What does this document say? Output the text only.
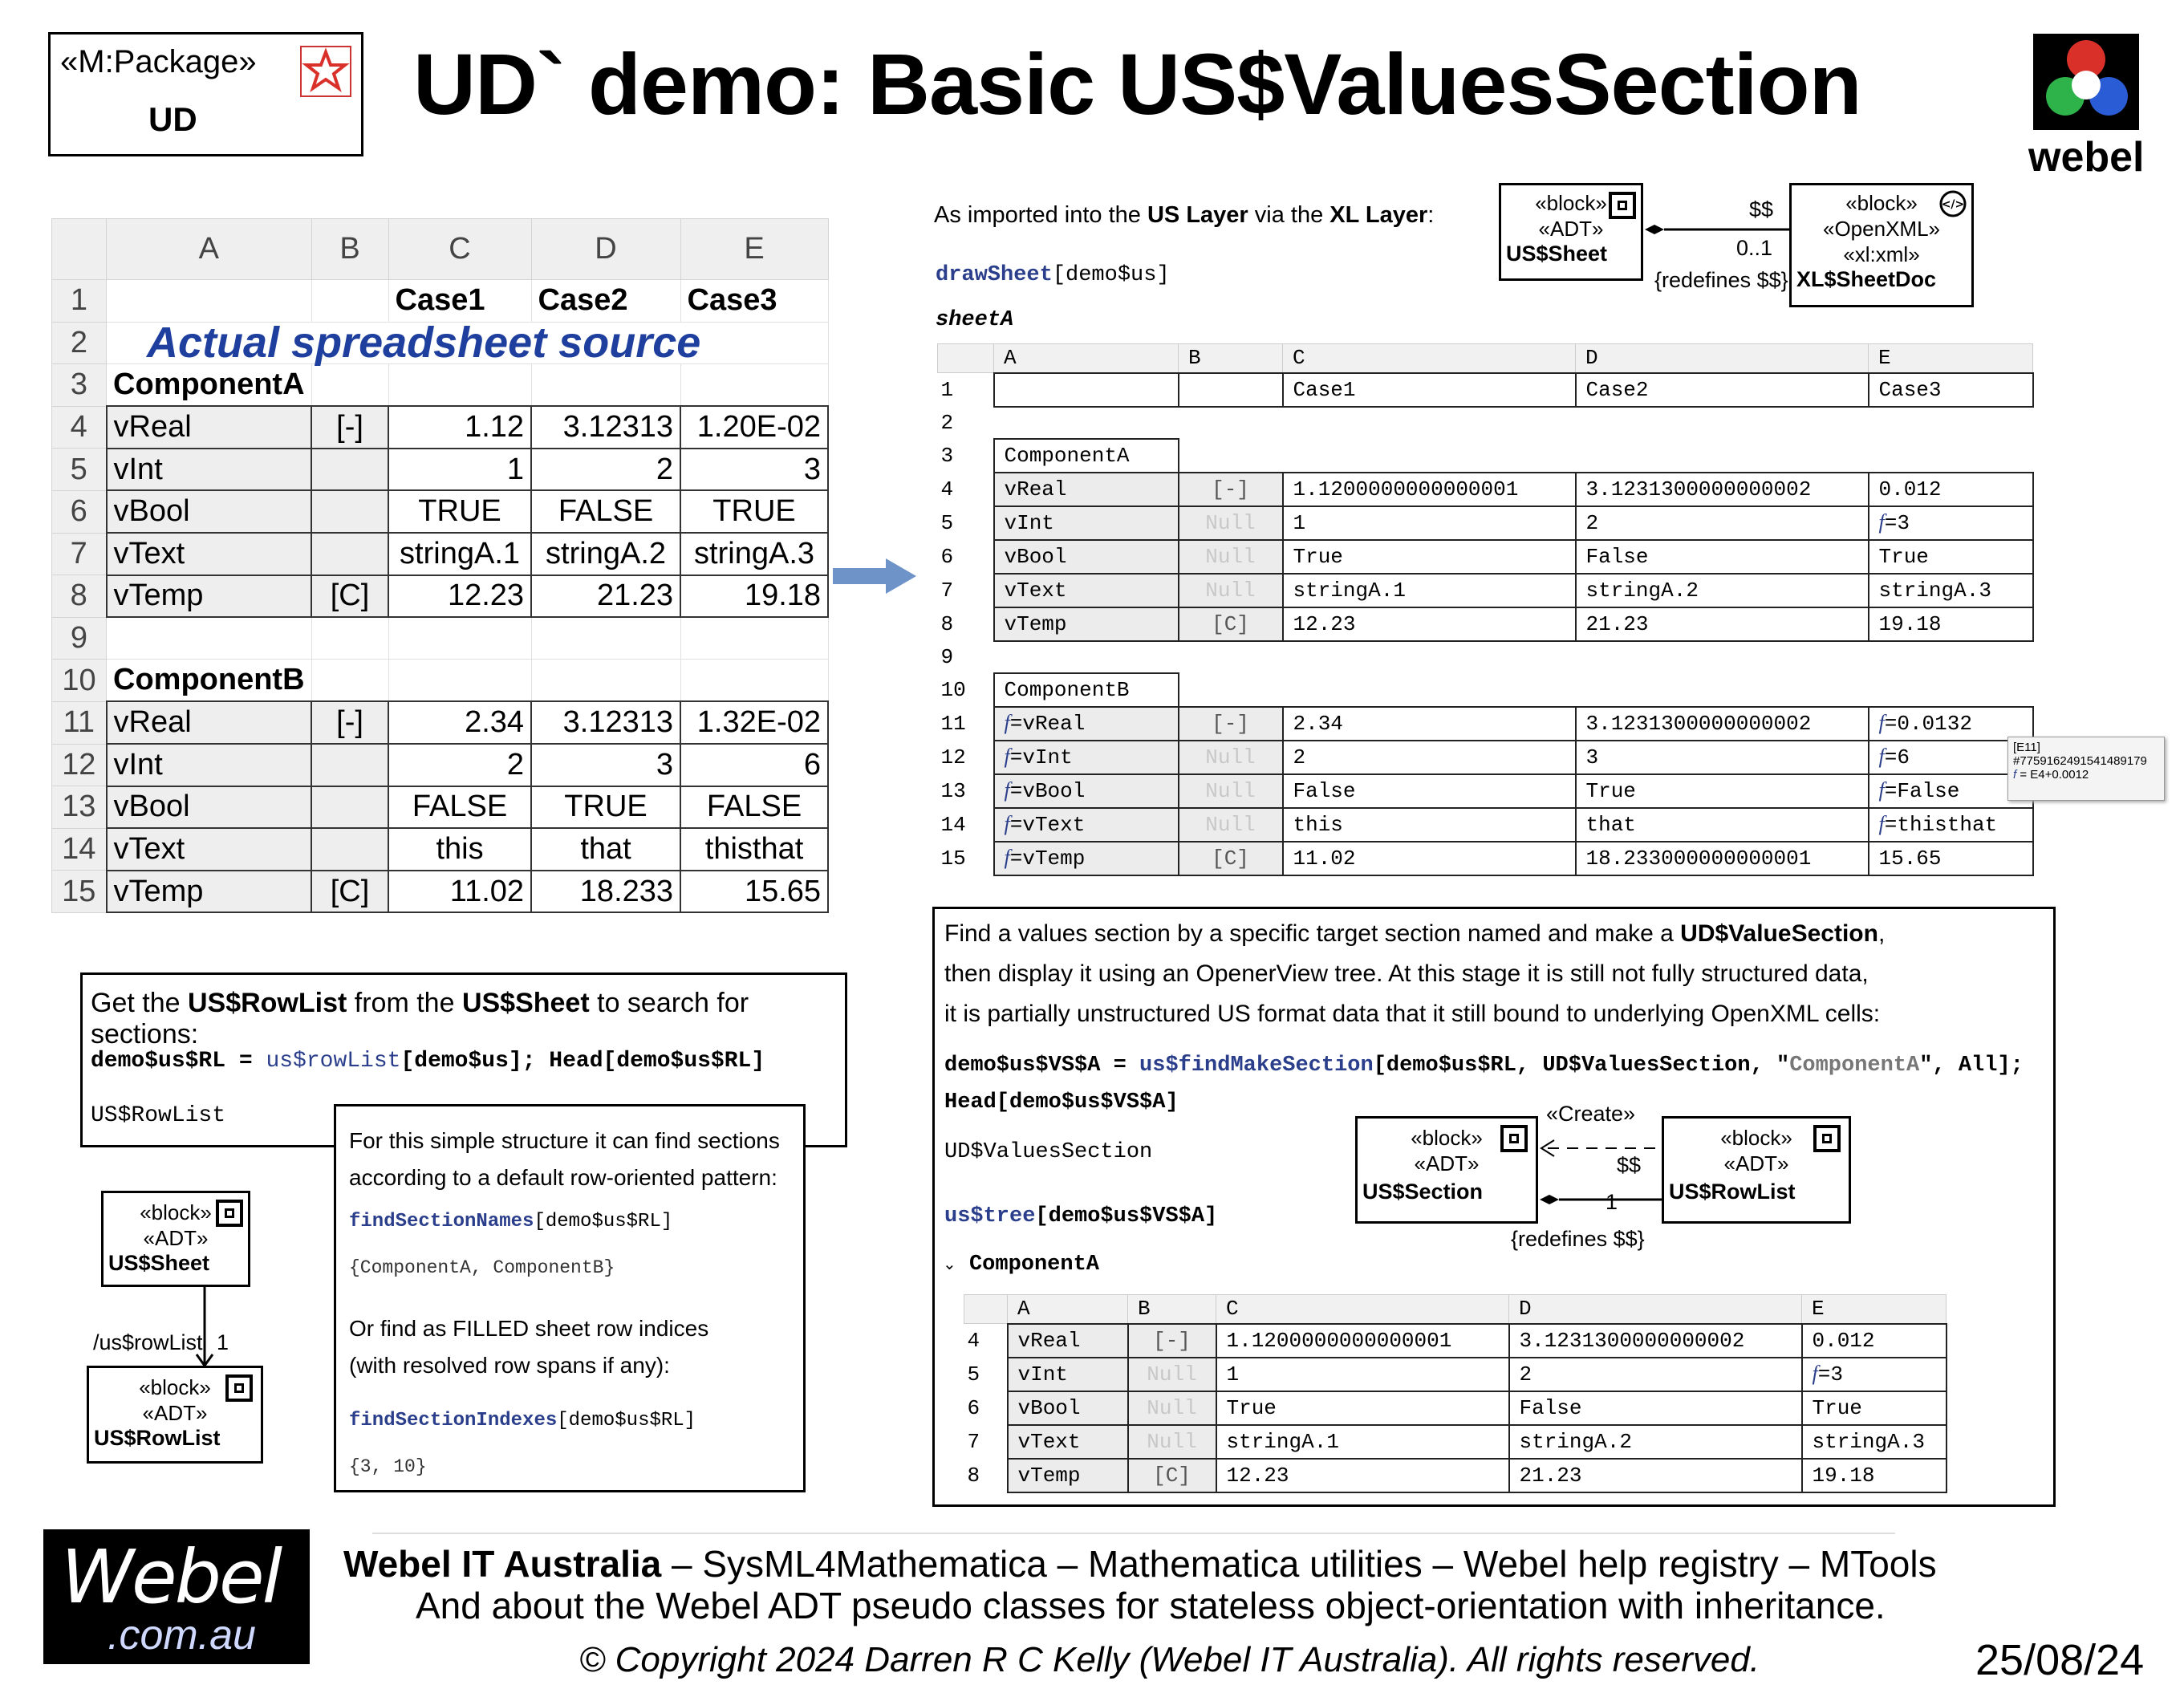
«M:Package»
UD UD` demo: Basic US$ValuesSection
webel
	A	B	C	D	E
1			Case1	Case2	Case3
2	Actual spreadsheet source				

3	ComponentA				
4	vReal	[-]	1.12	3.12313	1.20E-02
5	vInt		1	2	3
6	vBool		TRUE	FALSE	TRUE
7	vText		stringA.1	stringA.2	stringA.3
8	vTemp	[C]	12.23	21.23	19.18
9					
10	ComponentB				
11	vReal	[-]	2.34	3.12313	1.32E-02
12	vInt		2	3	6
13	vBool		FALSE	TRUE	FALSE
14	vText		this	that	thisthat
15	vTemp	[C]	11.02	18.233	15.65
As imported into the US Layer via the XL Layer:
drawSheet[demo$us]
sheetA
«block»
«ADT»
US$Sheet
«block»
«OpenXML»
«xl:xml»
XL$SheetDoc
</>
$$
0..1
{redefines $$}
	A	B	C	D	E
1			Case1	Case2	Case3
2					
3	ComponentA				
4	vReal	[-]	1.1200000000000001	3.1231300000000002	0.012
5	vInt	Null	1	2	f=3
6	vBool	Null	True	False	True
7	vText	Null	stringA.1	stringA.2	stringA.3
8	vTemp	[C]	12.23	21.23	19.18
9					
10	ComponentB				
11	f=vReal	[-]	2.34	3.1231300000000002	f=0.0132
12	f=vInt	Null	2	3	f=6
13	f=vBool	Null	False	True	f=False
14	f=vText	Null	this	that	f=thisthat
15	f=vTemp	[C]	11.02	18.233000000000001	15.65
[E11]
#7759162491541489179
f = E4+0.0012
Get the US$RowList from the US$Sheet to search for sections:
demo$us$RL = us$rowList[demo$us]; Head[demo$us$RL]
US$RowList
For this simple structure it can find sections
according to a default row-oriented pattern:
findSectionNames[demo$us$RL]
{ComponentA, ComponentB}
Or find as FILLED sheet row indices
(with resolved row spans if any):
findSectionIndexes[demo$us$RL]
{3, 10}
«block»
«ADT»
US$Sheet
/us$rowList 1
«block»
«ADT»
US$RowList
Find a values section by a specific target section named and make a UD$ValueSection,
then display it using an OpenerView tree. At this stage it is still not fully structured data,
it is partially unstructured US format data that it still bound to underlying OpenXML cells:
demo$us$VS$A = us$findMakeSection[demo$us$RL, UD$ValuesSection, "ComponentA", All];
Head[demo$us$VS$A]
UD$ValuesSection
us$tree[demo$us$VS$A]
⌄ ComponentA
«block»
«ADT»
US$Section
«block»
«ADT»
US$RowList
«Create»
$$
1
{redefines $$}
	A	B	C	D	E
4	vReal	[-]	1.1200000000000001	3.1231300000000002	0.012
5	vInt	Null	1	2	f=3
6	vBool	Null	True	False	True
7	vText	Null	stringA.1	stringA.2	stringA.3
8	vTemp	[C]	12.23	21.23	19.18
Webel
.com.au
Webel IT Australia – SysML4Mathematica – Mathematica utilities – Webel help registry – MTools
And about the Webel ADT pseudo classes for stateless object-orientation with inheritance.
© Copyright 2024 Darren R C Kelly (Webel IT Australia). All rights reserved.	25/08/24
